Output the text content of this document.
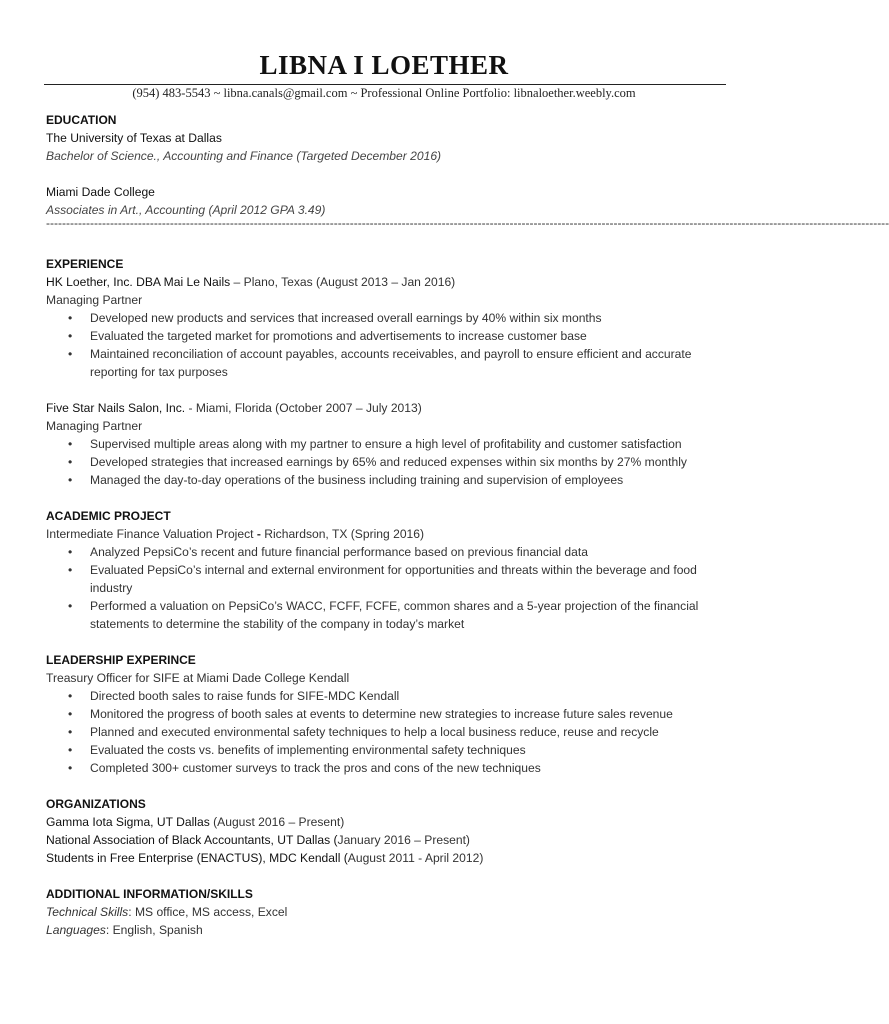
LIBNA I LOETHER
(954) 483-5543 ~ libna.canals@gmail.com ~ Professional Online Portfolio: libnaloether.weebly.com

EDUCATION

The University of Texas at Dallas

Bachelor of Science., Accounting and Finance (Targeted December 2016)

Miami Dade College

Associates in Art., Accounting (April 2012 GPA 3.49)

-------------------------------------------------------------------------------------------------------------------------------------------------------------------------------------------------------------------

EXPERIENCE

HK Loether, Inc. DBA Mai Le Nails – Plano, Texas (August 2013 – Jan 2016)

Managing Partner

• Developed new products and services that increased overall earnings by 40% within six months
• Evaluated the targeted market for promotions and advertisements to increase customer base
• Maintained reconciliation of account payables, accounts receivables, and payroll to ensure efficient and accurate reporting for tax purposes

Five Star Nails Salon, Inc. - Miami, Florida (October 2007 – July 2013)

Managing Partner

• Supervised multiple areas along with my partner to ensure a high level of profitability and customer satisfaction
• Developed strategies that increased earnings by 65% and reduced expenses within six months by 27% monthly
• Managed the day-to-day operations of the business including training and supervision of employees

ACADEMIC PROJECT

Intermediate Finance Valuation Project - Richardson, TX (Spring 2016)

• Analyzed PepsiCo’s recent and future financial performance based on previous financial data
• Evaluated PepsiCo’s internal and external environment for opportunities and threats within the beverage and food industry
• Performed a valuation on PepsiCo’s WACC, FCFF, FCFE, common shares and a 5-year projection of the financial statements to determine the stability of the company in today’s market

LEADERSHIP EXPERINCE

Treasury Officer for SIFE at Miami Dade College Kendall

• Directed booth sales to raise funds for SIFE-MDC Kendall
• Monitored the progress of booth sales at events to determine new strategies to increase future sales revenue
• Planned and executed environmental safety techniques to help a local business reduce, reuse and recycle
• Evaluated the costs vs. benefits of implementing environmental safety techniques
• Completed 300+ customer surveys to track the pros and cons of the new techniques

ORGANIZATIONS

Gamma Iota Sigma, UT Dallas (August 2016 – Present)

National Association of Black Accountants, UT Dallas (January 2016 – Present)

Students in Free Enterprise (ENACTUS), MDC Kendall (August 2011 - April 2012)

ADDITIONAL INFORMATION/SKILLS

Technical Skills: MS office, MS access, Excel

Languages: English, Spanish
